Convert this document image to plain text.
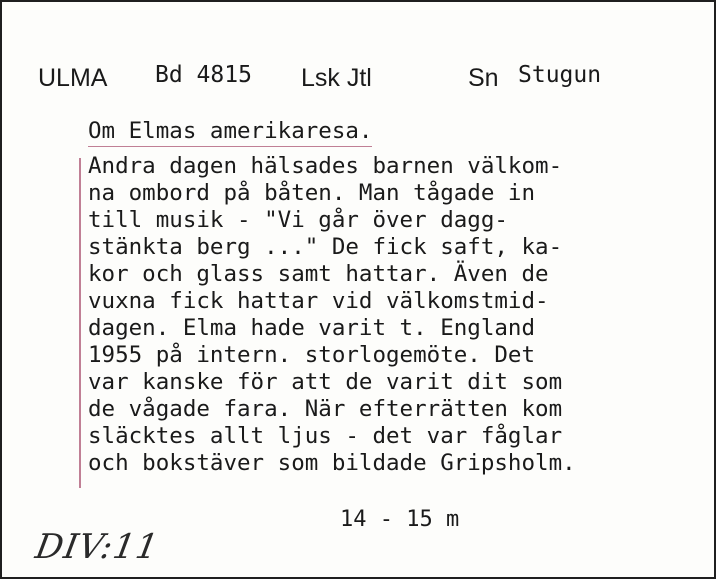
ULMA Bd 4815 Lsk Jtl	Sn Stugun
Om Elmas amerikaresa.
Andra dagen hälsades barnen välkom-
na ombord på båten. Man tågade in
till musik - "Vi går över dagg-
stänkta berg ..." De fick saft, ka-
kor och glass samt hattar. Även de
vuxna fick hattar vid välkomstmid-
dagen. Elma hade varit t. England
1955 på intern. storlogemöte. Det
var kanske för att de varit dit som
de vågade fara. När efterrätten kom
släcktes allt ljus - det var fåglar
och bokstäver som bildade Gripsholm.
14 - 15 m
DIV:11
